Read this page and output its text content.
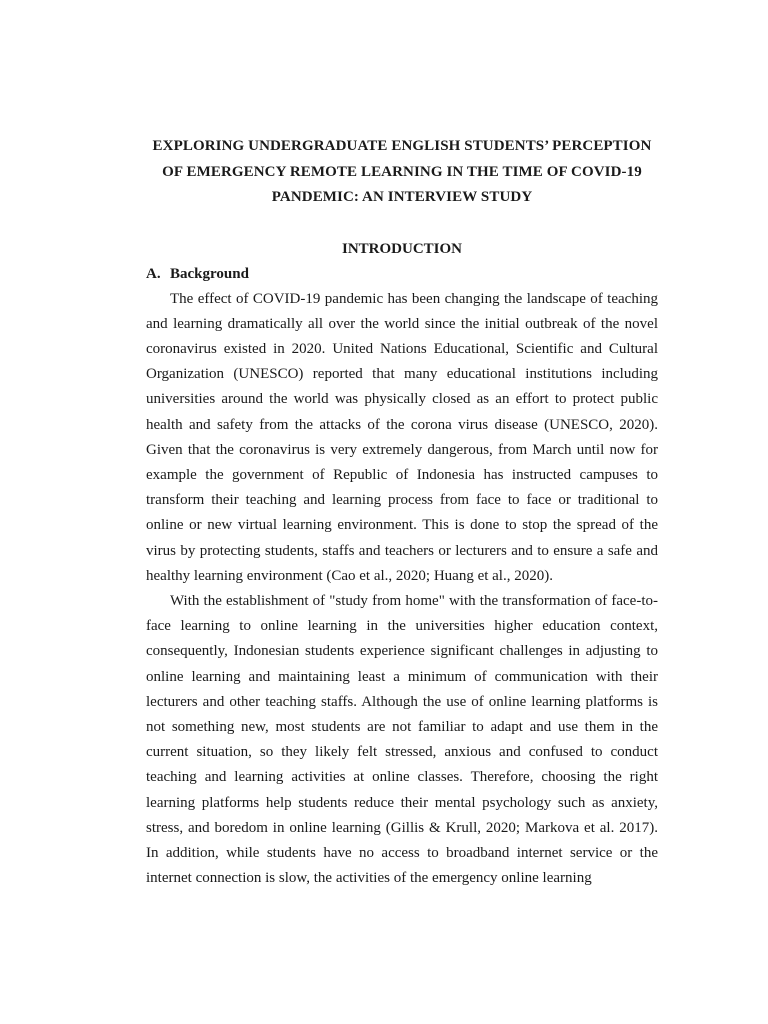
EXPLORING UNDERGRADUATE ENGLISH STUDENTS’ PERCEPTION

OF EMERGENCY REMOTE LEARNING IN THE TIME OF COVID-19

PANDEMIC: AN INTERVIEW STUDY

INTRODUCTION

A. Background

The effect of COVID-19 pandemic has been changing the landscape of teaching and learning dramatically all over the world since the initial outbreak of the novel coronavirus existed in 2020. United Nations Educational, Scientific and Cultural Organization (UNESCO) reported that many educational institutions including universities around the world was physically closed as an effort to protect public health and safety from the attacks of the corona virus disease (UNESCO, 2020). Given that the coronavirus is very extremely dangerous, from March until now for example the government of Republic of Indonesia has instructed campuses to transform their teaching and learning process from face to face or traditional to online or new virtual learning environment. This is done to stop the spread of the virus by protecting students, staffs and teachers or lecturers and to ensure a safe and healthy learning environment (Cao et al., 2020; Huang et al., 2020).

With the establishment of "study from home" with the transformation of face-to-face learning to online learning in the universities higher education context, consequently, Indonesian students experience significant challenges in adjusting to online learning and maintaining least a minimum of communication with their lecturers and other teaching staffs. Although the use of online learning platforms is not something new, most students are not familiar to adapt and use them in the current situation, so they likely felt stressed, anxious and confused to conduct teaching and learning activities at online classes. Therefore, choosing the right learning platforms help students reduce their mental psychology such as anxiety, stress, and boredom in online learning (Gillis & Krull, 2020; Markova et al. 2017). In addition, while students have no access to broadband internet service or the internet connection is slow, the activities of the emergency online learning
